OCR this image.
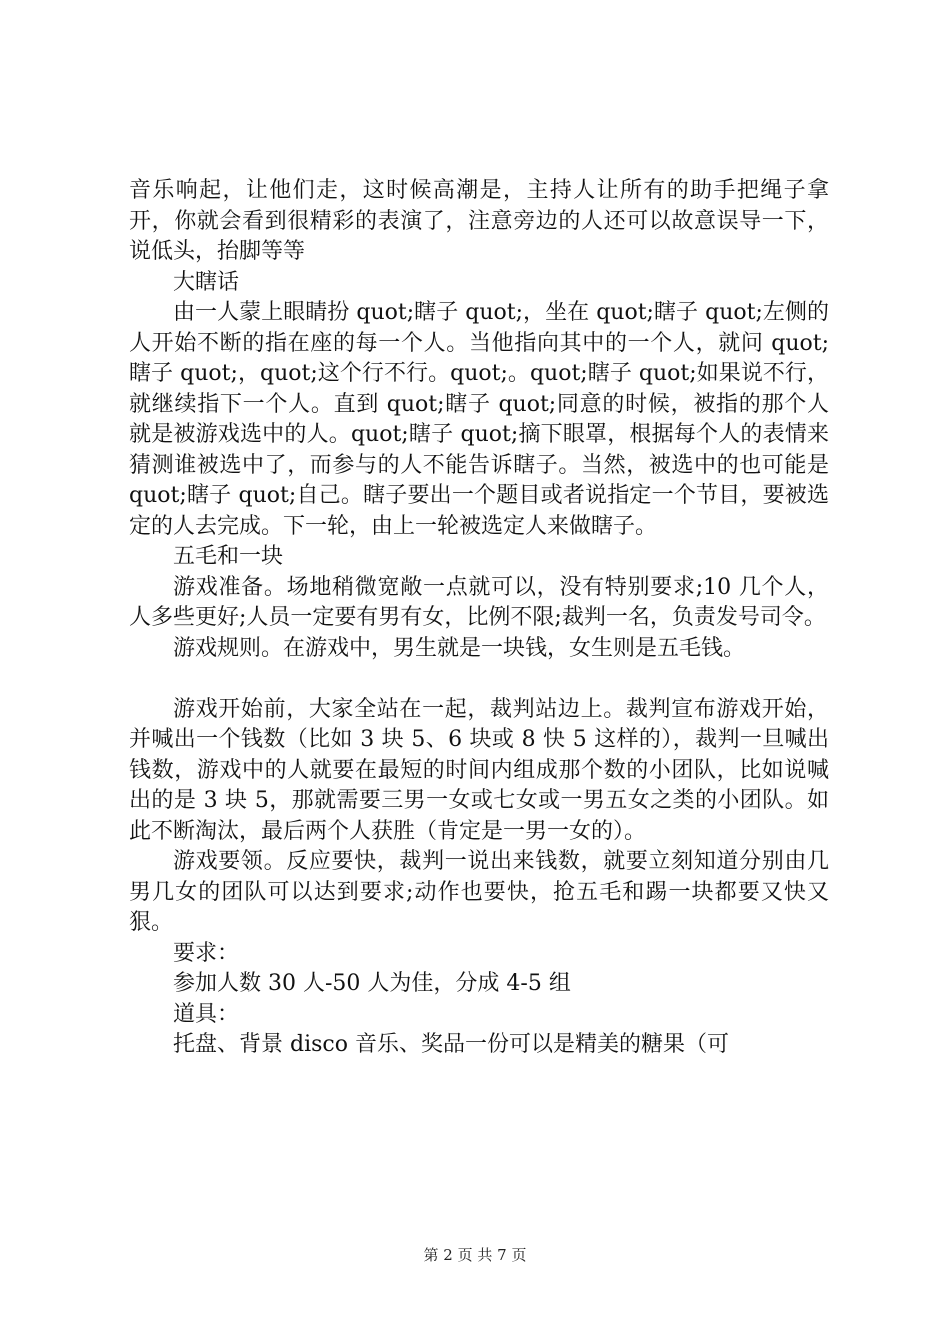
音乐响起，让他们走，这时候高潮是，主持人让所有的助手把绳子拿开，你就会看到很精彩的表演了，注意旁边的人还可以故意误导一下，说低头，抬脚等等

大瞎话

由一人蒙上眼睛扮 quot;瞎子 quot;，坐在 quot;瞎子 quot;左侧的人开始不断的指在座的每一个人。当他指向其中的一个人，就问 quot;瞎子 quot;，quot;这个行不行。quot;。quot;瞎子 quot;如果说不行，就继续指下一个人。直到 quot;瞎子 quot;同意的时候，被指的那个人就是被游戏选中的人。quot;瞎子 quot;摘下眼罩，根据每个人的表情来猜测谁被选中了，而参与的人不能告诉瞎子。当然，被选中的也可能是 quot;瞎子 quot;自己。瞎子要出一个题目或者说指定一个节目，要被选定的人去完成。下一轮，由上一轮被选定人来做瞎子。

五毛和一块

游戏准备。场地稍微宽敞一点就可以，没有特别要求;10 几个人，人多些更好;人员一定要有男有女，比例不限;裁判一名，负责发号司令。

游戏规则。在游戏中，男生就是一块钱，女生则是五毛钱。

游戏开始前，大家全站在一起，裁判站边上。裁判宣布游戏开始，并喊出一个钱数（比如 3 块 5、6 块或 8 快 5 这样的），裁判一旦喊出钱数，游戏中的人就要在最短的时间内组成那个数的小团队，比如说喊出的是 3 块 5，那就需要三男一女或七女或一男五女之类的小团队。如此不断淘汰，最后两个人获胜（肯定是一男一女的）。

游戏要领。反应要快，裁判一说出来钱数，就要立刻知道分别由几男几女的团队可以达到要求;动作也要快，抢五毛和踢一块都要又快又狠。

要求：

参加人数 30 人-50 人为佳，分成 4-5 组

道具：

托盘、背景 disco 音乐、奖品一份可以是精美的糖果（可

第 2 页 共 7 页
